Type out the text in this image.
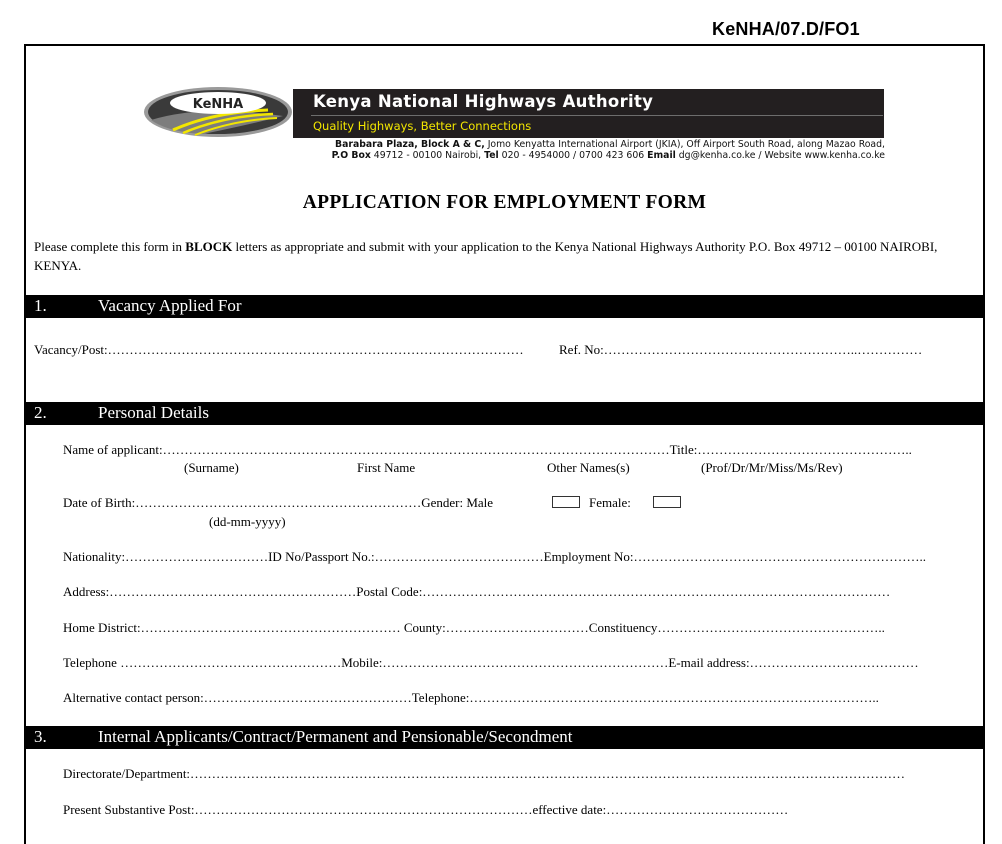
KeNHA/07.D/FO1
KeNHA	Kenya National Highways Authority
Quality Highways, Better Connections
Barabara Plaza, Block A & C, Jomo Kenyatta International Airport (JKIA), Off Airport South Road, along Mazao Road,
P.O Box 49712 - 00100 Nairobi, Tel 020 - 4954000 / 0700 423 606 Email dg@kenha.co.ke / Website www.kenha.co.ke
APPLICATION FOR EMPLOYMENT FORM
Please complete this form in BLOCK letters as appropriate and submit with your application to the Kenya National Highways Authority P.O. Box 49712 – 00100 NAIROBI, KENYA.
1.	Vacancy Applied For
Vacancy/Post:……………………………………………………………………………………	Ref. No:…………………………………………………..……………
2.	Personal Details
Name of applicant:………………………………………………………………………………………………………Title:…………………………………………..
(Surname)	First Name	Other Names(s)	(Prof/Dr/Mr/Miss/Ms/Rev)
Date of Birth:…………………………………………………………Gender: Male	Female:
(dd-mm-yyyy)
Nationality:……………………………ID No/Passport No.:…………………………………Employment No:…………………………………………………………..
Address:…………………………………………………Postal Code:………………………………………………………………………………………………
Home District:…………………………………………………… County:……………………………Constituency……………………………………………..
Telephone ……………………………………………Mobile:…………………………………………………………E-mail address:…………………………………
Alternative contact person:…………………………………………Telephone:…………………………………………………………………………………..
3.	Internal Applicants/Contract/Permanent and Pensionable/Secondment
Directorate/Department:…………………………………………………………………………………………………………………………………………………
Present Substantive Post:……………………………………………………………………effective date:……………………………………
